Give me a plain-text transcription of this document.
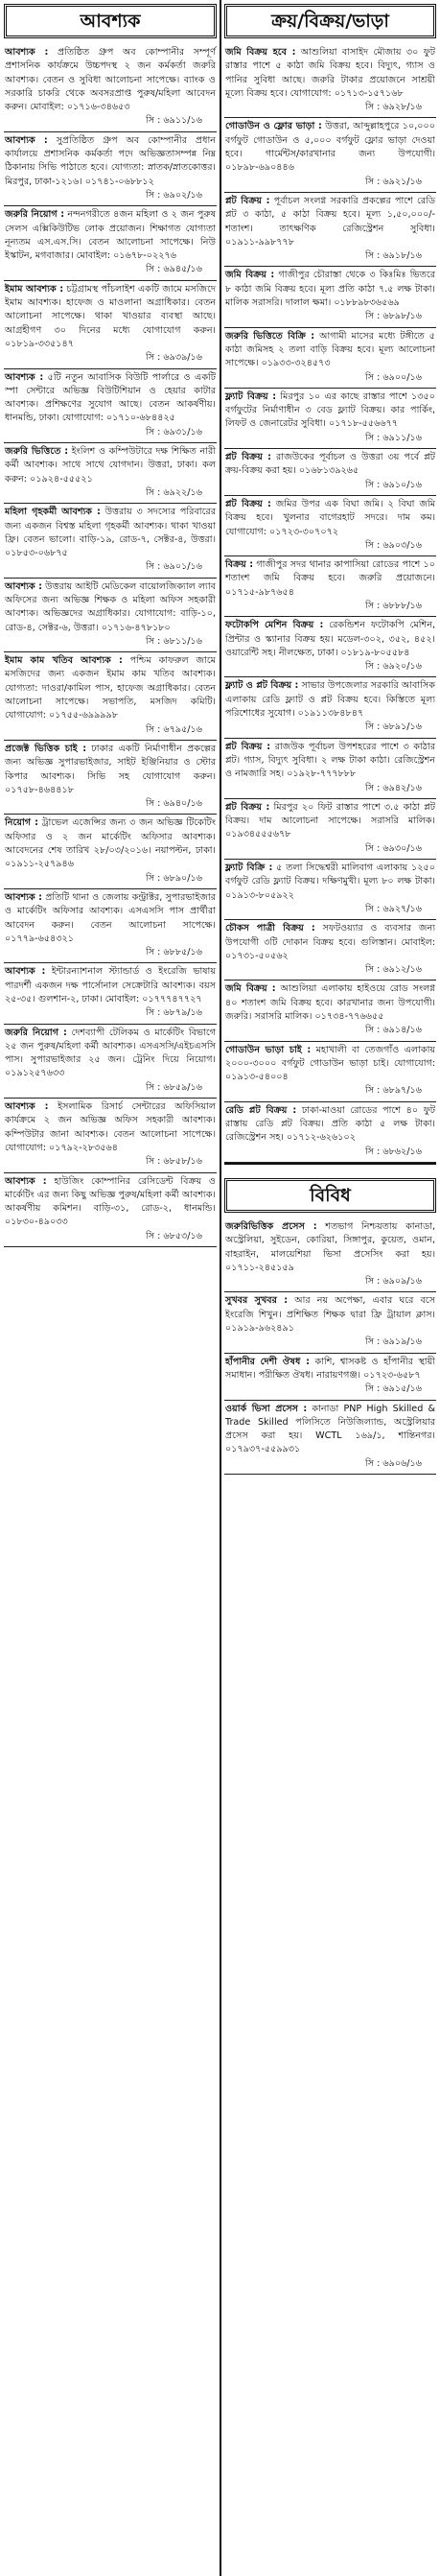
আবশ্যক
আবশ্যক : প্রতিষ্ঠিত গ্রুপ অব কোম্পানীর সম্পূর্ণ প্রশাসনিক কার্যক্রমে উচ্চপদস্থ ২ জন কর্মকর্তা জরুরি আবশ্যক। বেতন ও সুবিধা আলোচনা সাপেক্ষে। ব্যাংক ও সরকারি চাকরি থেকে অবসরপ্রাপ্ত পুরুষ/মহিলা আবেদন করুন। মোবাইল: ০১৭১৬-৩৪৬৫৩
সি : ৬৯১১/১৬
আবশ্যক : সুপ্রতিষ্ঠিত গ্রুপ অব কোম্পানীর প্রধান কার্যালয়ে প্রশাসনিক কর্মকর্তা পদে অভিজ্ঞতাসম্পন্ন নিম্ন ঠিকানায় সিভি পাঠাতে হবে। যোগ্যতা: স্নাতক/স্নাতকোত্তর। মিরপুর, ঢাকা-১২১৬। ০১৭৪১-০৬৮৮১২
সি : ৬৯০২/১৬
জরুরি নিয়োগ : নন্দনগরীতে ৪জন মহিলা ও ২ জন পুরুষ সেলস এক্সিকিউটিভ লোক প্রয়োজন। শিক্ষাগত যোগ্যতা নূন্যতম এস.এস.সি। বেতন আলোচনা সাপেক্ষে। নিউ ইস্কাটন, মগবাজার। মোবাইল: ০১৬৭৮-০২২৭৬
সি : ৬৯৪৫/১৬
ইমাম আবশ্যক : চট্টগ্রামস্থ পাঁচলাইশ একটি জামে মসজিদে ইমাম আবশ্যক। হাফেজ ও মাওলানা অগ্রাধিকার। বেতন আলোচনা সাপেক্ষে। থাকা খাওয়ার ব্যবস্থা আছে। আগ্রহীগণ ৩০ দিনের মধ্যে যোগাযোগ করুন। ০১৮১৯-৩৩৫১৪৭
সি : ৬৯৩৯/১৬
আবশ্যক : ৫টি নতুন আবাসিক বিউটি পার্লারে ও একটি স্পা সেন্টারে অভিজ্ঞ বিউটিশিয়ান ও হেয়ার কাটার আবশ্যক। প্রশিক্ষণের সুযোগ আছে। বেতন আকর্ষণীয়। ধানমন্ডি, ঢাকা। যোগাযোগ: ০১৭১০-৬৮৪৪২৫
সি : ৬৯৩১/১৬
জরুরি ভিত্তিতে : ইংলিশ ও কম্পিউটারে দক্ষ শিক্ষিত নারী কর্মী আবশ্যক। সাথে সাথে যোগদান। উত্তরা, ঢাকা। কল করুন: ০১৯২৪-৫৫৫২১
সি : ৬৯২২/১৬
মহিলা গৃহকর্মী আবশ্যক : উত্তরায় ৩ সদস্যের পরিবারের জন্য একজন বিশ্বস্ত মহিলা গৃহকর্মী আবশ্যক। থাকা খাওয়া ফ্রি। বেতন ভালো। বাড়ি-১৯, রোড-৭, সেক্টর-৪, উত্তরা। ০১৮৫৩-০৬৮৭৫
সি : ৬৯০১/১৬
আবশ্যক : উত্তরায় আইটি মেডিকেল বায়োলজিক্যাল ল্যাব অফিসের জন্য অভিজ্ঞ শিক্ষক ও মহিলা অফিস সহকারী আবশ্যক। অভিজ্ঞদের অগ্রাধিকার। যোগাযোগ: বাড়ি-১০, রোড-৪, সেক্টর-৬, উত্তরা। ০১৭১৬-৪৭৮১৮০
সি : ৬৮১১/১৬
ইমাম কাম খতিব আবশ্যক : পশ্চিম কাফরুল জামে মসজিদের জন্য একজন ইমাম কাম খতিব আবশ্যক। যোগ্যতা: দাওরা/কামিল পাস, হাফেজ অগ্রাধিকার। বেতন আলোচনা সাপেক্ষে। সভাপতি, মসজিদ কমিটি। যোগাযোগ: ০১৭৫৫-৬৯৯৯৯৮
সি : ৬৭৯৫/১৬
প্রজেক্ট ভিত্তিক চাই : ঢাকার একটি নির্মাণাধীন প্রকল্পের জন্য অভিজ্ঞ সুপারভাইজার, সাইট ইঞ্জিনিয়ার ও স্টোর কিপার আবশ্যক। সিভি সহ যোগাযোগ করুন। ০১৭৫৮-৪৬৪৪১৮
সি : ৬৯৪০/১৬
নিয়োগ : ট্রাভেল এজেন্সির জন্য ৩ জন অভিজ্ঞ টিকেটিং অফিসার ও ২ জন মার্কেটিং অফিসার আবশ্যক। আবেদনের শেষ তারিখ ২৮/০৩/২০১৬। নয়াপল্টন, ঢাকা। ০১৯১১-২৫৭৯৪৬
সি : ৬৮৯০/১৬
আবশ্যক : প্রতিটি থানা ও জেলায় কন্ট্রাক্টর, সুপারভাইজার ও মার্কেটিং অফিসার আবশ্যক। এসএসসি পাস প্রার্থীরা আবেদন করুন। বেতন আলোচনা সাপেক্ষে। ০১৭৭৯-৬৫৪৩২১
সি : ৬৮৮৫/১৬
আবশ্যক : ইন্টারন্যাশনাল স্ট্যান্ডার্ড ও ইংরেজি ভাষায় পারদর্শী একজন দক্ষ পার্সোনাল সেক্রেটারি আবশ্যক। বয়স ২৫-৩৫। গুলশান-২, ঢাকা। মোবাইল: ০১৭৭৭৪৭৭২৭
সি : ৬৮৭৯/১৬
জরুরি নিয়োগ : দেশব্যাপী টেলিকম ও মার্কেটিং বিভাগে ২৫ জন পুরুষ/মহিলা কর্মী আবশ্যক। এসএসসি/এইচএসসি পাস। সুপারভাইজার ২৫ জন। ট্রেনিং দিয়ে নিয়োগ। ০১৯১২৫৭৬৩৩
সি : ৬৮৫৯/১৬
আবশ্যক : ইসলামিক রিসার্চ সেন্টারের অফিসিয়াল কার্যক্রমে ২ জন অভিজ্ঞ অফিস সহকারী আবশ্যক। কম্পিউটার জানা আবশ্যক। বেতন আলোচনা সাপেক্ষে। যোগাযোগ: ০১৭৯২-২৮৩৫৬৪
সি : ৬৮৫৮/১৬
আবশ্যক : হাউজিং কোম্পানির রেসিডেন্ট বিক্রয় ও মার্কেটিং এর জন্য কিছু অভিজ্ঞ পুরুষ/মহিলা কর্মী আবশ্যক। আকর্ষণীয় কমিশন। বাড়ি-৩১, রোড-২, ধানমন্ডি। ০১৮৩০-৪৯০৩৩
সি : ৬৮৫৩/১৬
ক্রয়/বিক্রয়/ভাড়া
জমি বিক্রয় হবে : আশুলিয়া বাসাইদ মৌজায় ৩০ ফুট রাস্তার পাশে ৫ কাঠা জমি বিক্রয় হবে। বিদ্যুৎ, গ্যাস ও পানির সুবিধা আছে। জরুরি টাকার প্রয়োজনে সাশ্রয়ী মূল্যে বিক্রয় হবে। যোগাযোগ: ০১৭১৩-১৫৭১৬৮
সি : ৬৯২৮/১৬
গোডাউন ও ফ্লোর ভাড়া : উত্তরা, আব্দুল্লাহপুরে ১০,০০০ বর্গফুট গোডাউন ও ৫,০০০ বর্গফুট ফ্লোর ভাড়া দেওয়া হবে। গার্মেন্টস/কারখানার জন্য উপযোগী। ০১৮৯৮-৬৯০৪৪৬
সি : ৬৯২১/১৬
প্লট বিক্রয় : পূর্বাচল সংলগ্ন সরকারি প্রকল্পের পাশে রেডি প্লট ৩ কাঠা, ৫ কাঠা বিক্রয় হবে। মূল্য ১,৫০,০০০/- শতাংশ। তাৎক্ষণিক রেজিস্ট্রেশন সুবিধা। ০১৯১১-৯৯৮৭৭৮
সি : ৬৯১৮/১৬
জমি বিক্রয় : গাজীপুর চৌরাস্তা থেকে ৩ কিঃমিঃ ভিতরে ৮ কাঠা জমি বিক্রয় হবে। মূল্য প্রতি কাঠা ৭.৫ লক্ষ টাকা। মালিক সরাসরি। দালাল ক্ষমা। ০১৮৮৯৮৩৬৫৬৯
সি : ৬৮৯৮/১৬
জরুরি ভিত্তিতে বিক্রি : আগামী মাসের মধ্যে টঙ্গীতে ৫ কাঠা জমিসহ ২ তলা বাড়ি বিক্রয় হবে। মূল্য আলোচনা সাপেক্ষে। ০১৯৩৩-৩২৪৫৭৩
সি : ৬৯০০/১৬
ফ্ল্যাট বিক্রয় : মিরপুর ১০ এর কাছে রাস্তার পাশে ১৩৫০ বর্গফুটের নির্মাণাধীন ৩ বেড ফ্ল্যাট বিক্রয়। কার পার্কিং, লিফট ও জেনারেটর সুবিধা। ০১৭১৮-৫৫৬৬৭৭
সি : ৬৯১১/১৬
প্লট বিক্রয় : রাজউকের পূর্বাচল ও উত্তরা ৩য় পর্বে প্লট ক্রয়-বিক্রয় করা হয়। ০১৬৮১৩৯২৬৫
সি : ৬৯১০/১৬
প্লট বিক্রয় : জমির উপর এক বিঘা জমি। ২ বিঘা জমি বিক্রয় হবে। খুলনার বাগেরহাট সদরে। দাম কম। যোগাযোগ: ০১৭২৩-৩০৭০৭২
সি : ৬৯০৩/১৬
বিক্রয় : গাজীপুর সদর থানার কাপাসিয়া রোডের পাশে ১০ শতাংশ জমি বিক্রয় হবে। জরুরি প্রয়োজনে। ০১৭১৫-৯৮৭৬৫৪
সি : ৬৮৮৮/১৬
ফটোকপি মেশিন বিক্রয় : রেকন্ডিশন ফটোকপি মেশিন, প্রিন্টার ও স্ক্যানার বিক্রয় হয়। মডেল-৩০২, ৩৫২, ৪৫২। ওয়ারেন্টি সহ। নীলক্ষেত, ঢাকা। ০১৮১৯-৮০৫৫৮৪
সি : ৬৯২০/১৬
ফ্ল্যাট ও প্লট বিক্রয় : সাভার উপজেলার সরকারি আবাসিক এলাকায় রেডি ফ্ল্যাট ও প্লট বিক্রয় হবে। কিস্তিতে মূল্য পরিশোধের সুযোগ। ০১৯১১৩৮৪৮৪৭
সি : ৬৮৯১/১৬
প্লট বিক্রয় : রাজউক পূর্বাচল উপশহরের পাশে ৩ কাঠার প্লট। গ্যাস, বিদ্যুৎ সুবিধা। ২ লক্ষ টাকা কাঠা। রেজিস্ট্রেশন ও নামজারি সহ। ০১৯২৮-৭৭৭৮৮৮
সি : ৬৯৪২/১৬
প্লট বিক্রয় : মিরপুর ২০ ফিট রাস্তার পাশে ৩.৫ কাঠা প্লট বিক্রয়। দাম আলোচনা সাপেক্ষে। সরাসরি মালিক। ০১৯৩৪৫৫৫৬৭৮
সি : ৬৯৩০/১৬
ফ্ল্যাট বিক্রি : ৫ তলা সিদ্ধেশ্বরী মালিবাগ এলাকায় ১২৫০ বর্গফুট রেডি ফ্ল্যাট বিক্রয়। দক্ষিণমুখী। মূল্য ৮০ লক্ষ টাকা। ০১৯১৩-৮০৫৯২২
সি : ৬৯২৭/১৬
চৌকস পাত্রী বিক্রয় : সফটওয়্যার ও ব্যবসার জন্য উপযোগী ৩টি দোকান বিক্রয় হবে। গুলিস্তান। মোবাইল: ০১৭৩১-৫০৫৬২
সি : ৬৯১২/১৬
জমি বিক্রয় : আশুলিয়া এলাকায় হাইওয়ে রোড সংলগ্ন ৪০ শতাংশ জমি বিক্রয় হবে। কারখানার জন্য উপযোগী। জরুরি। সরাসরি মালিক। ০১৭৩৪-৭৭৬৬৫৫
সি : ৬৯১৪/১৬
গোডাউন ভাড়া চাই : মহাখালী বা তেজগাঁও এলাকায় ২০০০-৩০০০ বর্গফুট গোডাউন ভাড়া চাই। যোগাযোগ: ০১৯১৩-৫৪০০৪
সি : ৬৮৯৭/১৬
রেডি প্লট বিক্রয় : ঢাকা-মাওয়া রোডের পাশে ৪০ ফুট রাস্তায় রেডি প্লট বিক্রয়। প্রতি কাঠা ৫ লক্ষ টাকা। রেজিস্ট্রেশন সহ। ০১৭১২-৬২৬১০২
সি : ৬৮৬২/১৬
বিবিধ
জরুরিভিত্তিক প্রসেস : শতভাগ নিশ্চয়তায় কানাডা, অস্ট্রেলিয়া, সুইডেন, কোরিয়া, সিঙ্গাপুর, কুয়েত, ওমান, বাহরাইন, মালয়েশিয়া ভিসা প্রসেসিং করা হয়। ০১৭১১-২৪৫১৫৯
সি : ৬৯০৯/১৬
সুখবর সুখবর : আর নয় অপেক্ষা, এবার ঘরে বসে ইংরেজি শিখুন। প্রশিক্ষিত শিক্ষক দ্বারা ফ্রি ট্রায়াল ক্লাস। ০১৯১৯-৯৬২৪৯১
সি : ৬৯১৯/১৬
হাঁপানীর দেশী ঔষধ : কাশি, শ্বাসকষ্ট ও হাঁপানীর স্থায়ী সমাধান। পরীক্ষিত ঔষধ। নারায়ণগঞ্জ। ০১৭২৩-৬৫৮৭
সি : ৬৯১৫/১৬
ওয়ার্ক ভিসা প্রসেস : কানাডা PNP High Skilled & Trade Skilled পলিসিতে নিউজিল্যান্ড, অস্ট্রেলিয়ার প্রসেস করা হয়। WCTL ১৬৯/১, শান্তিনগর। ০১৭৯৩৭-৫৫৯৯৩১
সি : ৬৯০৬/১৬
